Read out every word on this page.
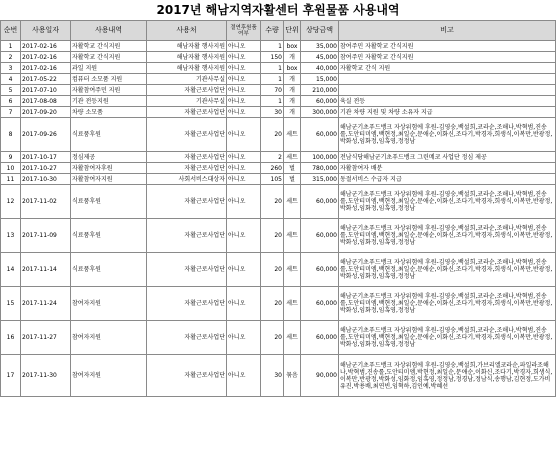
2017년 해남지역자활센터 후원물품 사용내역
순번	사용일자	사용내역	사용처	결연후원품 여부	수량	단위	상당금액	비고
1	2017-02-16	자활학교 간식지원	해남자활 행사지원	아니오	1	box	35,000	참여주민 자활학교 간식지원

2	2017-02-16	자활학교 간식지원	해남자활 행사지원	아니오	150	개	45,000	참여주민 자활학교 간식지원

3	2017-02-16	과일 지원	해남자활 행사지원	아니오	1	box	40,000	자활학교 간식 지원

4	2017-05-22	컴퓨터 소모품 지원	기관사무실	아니오	1	개	15,000	

5	2017-07-10	자활참여주민 지원	자활근로사업단	아니오	70	개	210,000	

6	2017-08-08	기관 전등지원	기관사무실	아니오	1	개	60,000	육실 전등

7	2017-09-20	차량 소모품	자활근로사업단	아니오	30	개	300,000	기관 차량 지원 및 차량 소유자 지급

8	2017-09-26	식료품후원	자활근로사업단	아니오	20	세트	60,000	해남군기초푸드뱅크 자상위험에 후원-김영숭,백설희,코라순,조해나,박혁범,진송롤,도안티미엠,백현정,최일순,문애순,이화신,조다기,박경자,희생식,이복만,반광정,박화성,임화정,임혹영,정정남

9	2017-10-17	정심제공	자활근로사업단	아니오	2	세트	100,000	전남식당해남군기초푸드뱅크 그린메코 사업단 정심 제공

10	2017-10-27	자활참여자후원	자활근로사업단	아니오	260	벌	780,000	자활참여자 배분

11	2017-10-30	자활참여자지원	사회서비스대상자	아니오	105	벌	315,000	동절서비스 수급자 지급

12	2017-11-02	식료품후원	자활근로사업단	아니오	20	세트	60,000	해남군기초푸드뱅크 자상위험에 후원-김영숭,백설희,코라순,조해나,박혁범,진송롤,도안티미엠,백현정,최일순,문애순,이화신,조다기,박경자,희생식,이복만,반광정,박화성,임화정,임혹영,정정남

13	2017-11-09	식료품후원	자활근로사업단	아니오	20	세트	60,000	해남군기초푸드뱅크 자상위험에 후원-김영숭,백설희,코라순,조해나,박혁범,진송롤,도안티미엠,백현정,최일순,문애순,이화신,조다기,박경자,희생식,이복만,반광정,박화성,임화정,임혹영,정정남

14	2017-11-14	식료품후원	자활근로사업단	아니오	20	세트	60,000	해남군기초푸드뱅크 자상위험에 후원-김영숭,백설희,코라순,조해나,박혁범,진송롤,도안티미엠,백현정,최일순,문애순,이화신,조다기,박경자,희생식,이복만,반광정,박화성,임화정,임혹영,정정남

15	2017-11-24	참여자지원	자활근로사업단	아니오	20	세트	60,000	해남군기초푸드뱅크 자상위험에 후원-김영숭,백설희,코라순,조해나,박혁범,진송롤,도안티미엠,백현정,최일순,문애순,이화신,조다기,박경자,희생식,이복만,반광정,박화성,임화정,임혹영,정정남

16	2017-11-27	참여자지원	자활근로사업단	아니오	20	세트	60,000	해남군기초푸드뱅크 자상위험에 후원-김영숭,백설희,코라순,조해나,박혁범,진송롤,도안티미엠,백현정,최일순,문애순,이화신,조다기,박경자,희생식,이복만,반광정,박화성,임화정,임혹영,정정남

17	2017-11-30	참여자지원	자활근로사업단	아니오	30	묶음	90,000	해남군기초푸드뱅크 자상위험에 후원-김영숭,백설희,가브리엘코라순,파일라조해나,박혁범,진송롤,도안티미엠,박현정,최일순,문애순,이화신,조다기,박경자,희생식,이복만,반광정,박화성,임화정,임혹영,정정남,정경남,정남식,송행남,김현정,도가비유진,박용배,최연빈,임혁하,김인예,박혜선
